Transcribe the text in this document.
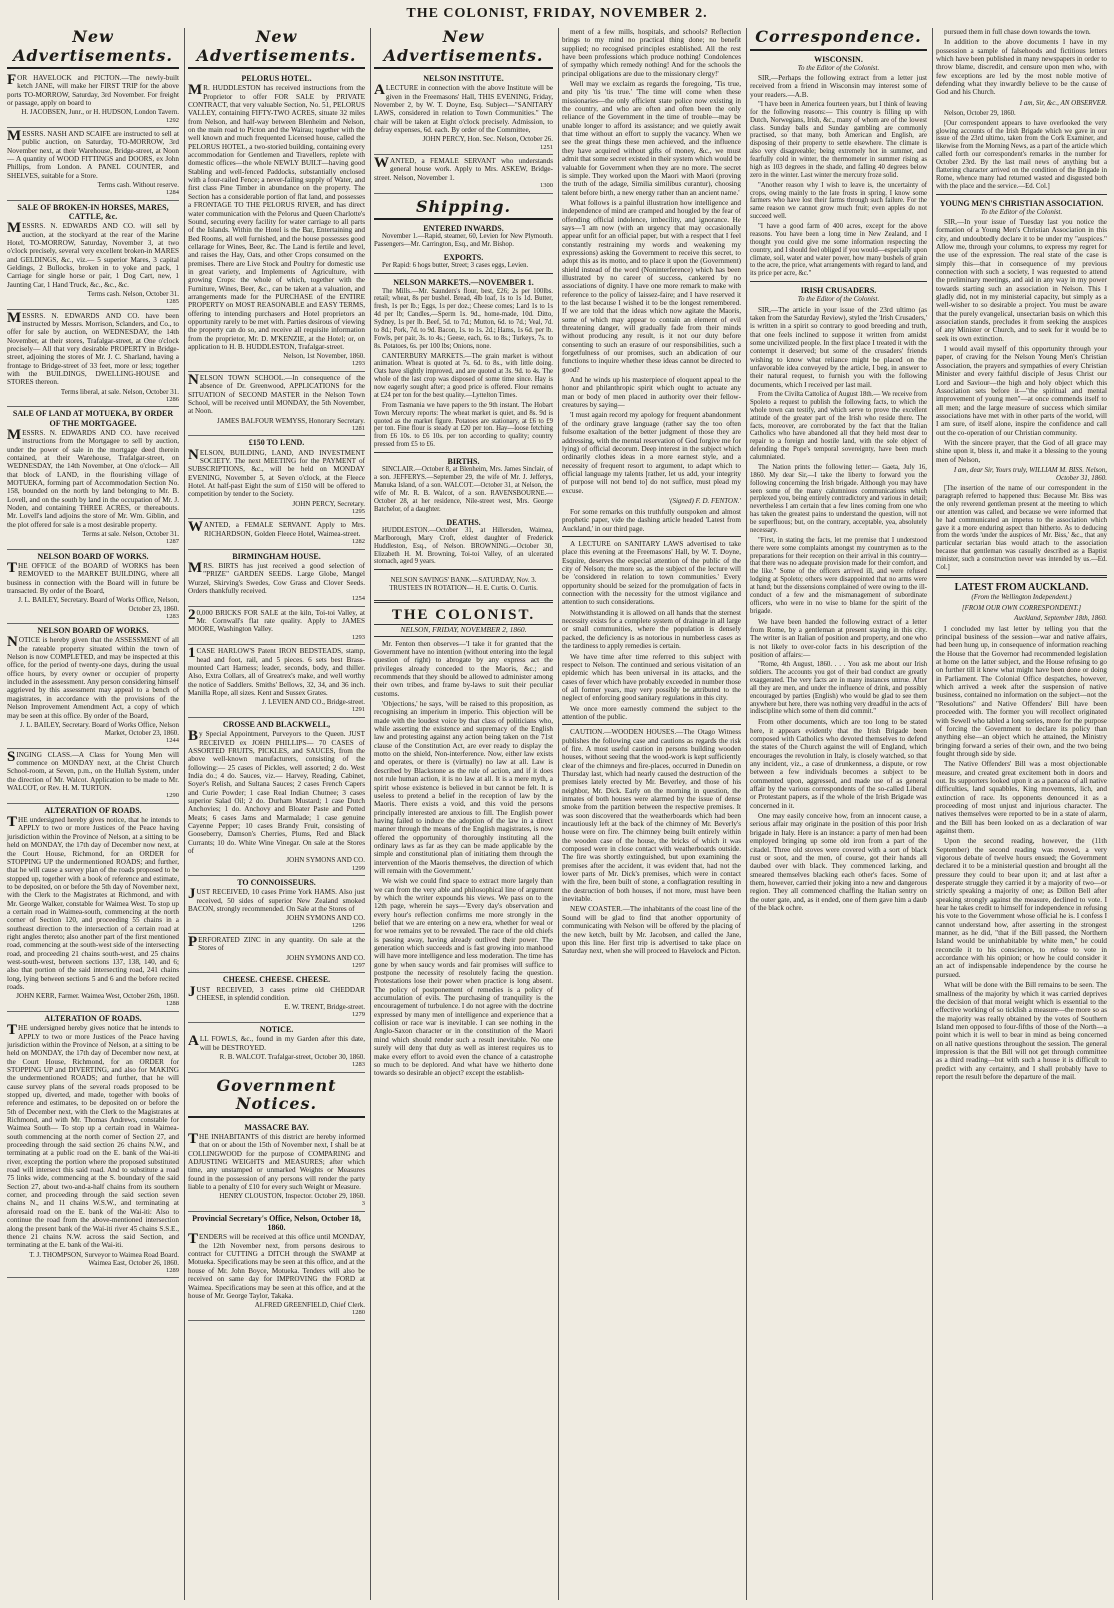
THE COLONIST, FRIDAY, NOVEMBER 2.
New Advertisements.

FOR HAVELOCK and PICTON.—The newly-built ketch JANE, will make her FIRST TRIP for the above ports TO-MORROW, Saturday, 3rd November. For freight or passage, apply on board to

H. JACOBSEN, Junr., or H. HUDSON, London Tavern.
1292

MESSRS. NASH AND SCAIFE are instructed to sell at public auction, on Saturday, TO-MORROW, 3rd November next, at their Warehouse, Bridge-street, at Noon— A quantity of WOOD FITTINGS and DOORS, ex John Phillips, from London. A PANEL COUNTER, and SHELVES, suitable for a Store.

Terms cash. Without reserve.
1284
SALE OF BROKEN-IN HORSES, MARES, CATTLE, &c.

MESSRS. N. EDWARDS AND CO. will sell by auction, at the stockyard at the rear of the Marine Hotel, TO-MORROW, Saturday, November 3, at two o'clock precisely, several very excellent broken-in MARES and GELDINGS, &c., viz.— 5 superior Mares, 3 capital Geldings, 2 Bullocks, broken in to yoke and pack, 1 Carriage for single horse or pair, 1 Dog Cart, new, 1 Jaunting Car, 1 Hand Truck, &c., &c., &c.

Terms cash. Nelson, October 31.
1285

MESSRS. N. EDWARDS AND CO. have been instructed by Messrs. Morrison, Sclanders, and Co., to offer for sale by auction, on WEDNESDAY, the 14th November, at their stores, Trafalgar-street, at One o'clock precisely— All that very desirable PROPERTY in Bridge-street, adjoining the stores of Mr. J. C. Sharland, having a frontage to Bridge-street of 33 feet, more or less; together with the BUILDINGS, DWELLING-HOUSE and STORES thereon.

Terms liberal, at sale. Nelson, October 31.
1286
SALE OF LAND AT MOTUEKA, BY ORDER OF THE MORTGAGEE.

MESSRS. N. EDWARDS AND CO. have received instructions from the Mortgagee to sell by auction, under the power of sale in the mortgage deed therein contained, at their Warehouse, Trafalgar-street, on WEDNESDAY, the 14th November, at One o'clock— All that block of LAND, in the flourishing village of MOTUEKA, forming part of Accommodation Section No. 158, bounded on the north by land belonging to Mr. B. Lovell, and on the south by land in the occupation of Mr. J. Noden, and containing THREE ACRES, or thereabouts. Mr. Lovell's land adjoins the store of Mr. Wm. Giblin, and the plot offered for sale is a most desirable property.

Terms at sale. Nelson, October 31.
1287
NELSON BOARD OF WORKS.

THE OFFICE of the BOARD of WORKS has been REMOVED to the MARKET BUILDING, where all business in connection with the Board will in future be transacted. By order of the Board,

J. L. BAILEY, Secretary. Board of Works Office, Nelson, October 23, 1860.
1283
NELSON BOARD OF WORKS.

NOTICE is hereby given that the ASSESSMENT of all the rateable property situated within the town of Nelson is now COMPLETED, and may be inspected at this office, for the period of twenty-one days, during the usual office hours, by every owner or occupier of property included in the assessment. Any person considering himself aggrieved by this assessment may appeal to a bench of magistrates, in accordance with the provisions of the Nelson Improvement Amendment Act, a copy of which may be seen at this office. By order of the Board,

J. L. BAILEY, Secretary. Board of Works Office, Nelson Market, October 23, 1860.
1244

SINGING CLASS.—A Class for Young Men will commence on MONDAY next, at the Christ Church School-room, at Seven, p.m., on the Hullah System, under the direction of Mr. Walcot. Application to be made to Mr. WALCOT, or Rev. H. M. TURTON.

1290
ALTERATION OF ROADS.

THE undersigned hereby gives notice, that he intends to APPLY to two or more Justices of the Peace having jurisdiction within the Province of Nelson, at a sitting to be held on MONDAY, the 17th day of December now next, at the Court House, Richmond, for an ORDER for STOPPING UP the undermentioned ROADS; and further, that he will cause a survey plan of the roads proposed to be stopped up, together with a book of reference and estimate, to be deposited, on or before the 5th day of November next, with the Clerk to the Magistrates at Richmond, and with Mr. George Walker, constable for Waimea West. To stop up a certain road in Waimea-south, commencing at the north corner of Section 120, and proceeding 55 chains in a southeast direction to the intersection of a certain road at right angles thereto; also another part of the first mentioned road, commencing at the south-west side of the intersecting road, and proceeding 21 chains south-west, and 25 chains west-south-west, between sections 137, 138, 140, and 6; also that portion of the said intersecting road, 241 chains long, lying between sections 5 and 6 and the before recited roads.

JOHN KERR, Farmer. Waimea West, October 26th, 1860.
1288
ALTERATION OF ROADS.

THE undersigned hereby gives notice that he intends to APPLY to two or more Justices of the Peace having jurisdiction within the Province of Nelson, at a sitting to be held on MONDAY, the 17th day of December now next, at the Court House, Richmond, for an ORDER for STOPPING UP and DIVERTING, and also for MAKING the undermentioned ROADS; and further, that he will cause survey plans of the several roads proposed to be stopped up, diverted, and made, together with books of reference and estimates, to be deposited on or before the 5th of December next, with the Clerk to the Magistrates at Richmond, and with Mr. Thomas Andrews, constable for Waimea South— To stop up a certain road in Waimea-south commencing at the north corner of Section 27, and proceeding through the said section 26 chains N.W., and terminating at a public road on the E. bank of the Wai-iti river, excepting the portion where the proposed substituted road will intersect this said road. And to substitute a road 75 links wide, commencing at the S. boundary of the said Section 27, about two-and-a-half chains from its southern corner, and proceeding through the said section seven chains N., and 11 chains W.S.W., and terminating at aforesaid road on the E. bank of the Wai-iti: Also to continue the road from the above-mentioned intersection along the present bank of the Wai-iti river 45 chains S.S.E., thence 21 chains N.W. across the said Section, and terminating at the E. bank of the Wai-iti.

T. J. THOMPSON, Surveyor to Waimea Road Board. Waimea East, October 26, 1860.
1289
New Advertisements.
PELORUS HOTEL.

MR. HUDDLESTON has received instructions from the Proprietor to offer FOR SALE by PRIVATE CONTRACT, that very valuable Section, No. 51, PELORUS VALLEY, containing FIFTY-TWO ACRES, situate 32 miles from Nelson, and half-way between Blenheim and Nelson, on the main road to Picton and the Wairau; together with the well known and much frequented Licensed house, called the PELORUS HOTEL, a two-storied building, containing every accommodation for Gentlemen and Travellers, replete with domestic offices—the whole NEWLY BUILT—having good Stabling and well-fenced Paddocks, substantially enclosed with a four-railed Fence; a never-failing supply of Water, and first class Pine Timber in abundance on the property. The Section has a considerable portion of flat land, and possesses a FRONTAGE TO THE PELORUS RIVER, and has direct water communication with the Pelorus and Queen Charlotte's Sound, securing every facility for water carriage to all parts of the Islands. Within the Hotel is the Bar, Entertaining and Bed Rooms, all well furnished, and the house possesses good cellarage for Wines, Beer, &c. The Land is fertile and level, and raises the Hay, Oats, and other Crops consumed on the premises. There are Live Stock and Poultry for domestic use in great variety, and Implements of Agriculture, with growing Crops: the whole of which, together with the Furniture, Wines, Beer, &c., can be taken at a valuation, and arrangements made for the PURCHASE of the ENTIRE PROPERTY on MOST REASONABLE and EASY TERMS, offering to intending purchasers and Hotel proprietors an opportunity rarely to be met with. Parties desirous of viewing the property can do so, and receive all requisite information from the proprietor, Mr. D. M'KENZIE, at the Hotel; or, on application to H. B. HUDDLESTON, Trafalgar-street.

Nelson, 1st November, 1860.
1293

NELSON TOWN SCHOOL.—In consequence of the absence of Dr. Greenwood, APPLICATIONS for the SITUATION of SECOND MASTER in the Nelson Town School, will be received until MONDAY, the 5th November, at Noon.

JAMES BALFOUR WEMYSS, Honorary Secretary.
1281
£150 TO LEND.

NELSON, BUILDING, LAND, AND INVESTMENT SOCIETY. The next MEETING for the PAYMENT of SUBSCRIPTIONS, &c., will be held on MONDAY EVENING, November 5, at Seven o'clock, at the Fleece Hotel. At half-past Eight the sum of £150 will be offered to competition by tender to the Society.

JOHN PERCY, Secretary.
1295

WANTED, a FEMALE SERVANT. Apply to Mrs. RICHARDSON, Golden Fleece Hotel, Waimea-street.

1282
BIRMINGHAM HOUSE.

MRS. BIRTS has just received a good selection of "PRIZE" GARDEN SEEDS. Large Globe, Mangel Wurzel, Skirving's Swedes, Cow Grass and Clover Seeds. Orders thankfully received.

1254

20,000 BRICKS FOR SALE at the kiln, Toi-toi Valley, at Mr. Cornwall's flat rate quality. Apply to JAMES MOORE, Washington Valley.

1293

1CASE HARLOW'S Patent IRON BEDSTEADS, stamp, head and foot, rail, and 5 pieces. 6 sets best Brass-mounted Cart Harness; leader, seconds, body, and thiller. Also, Extra Collars, all of Greatrex's make, and well worthy the notice of Saddlers. Smiths' Bellows, 32, 34, and 36 inch. Manilla Rope, all sizes. Kent and Sussex Grates.

J. LEVIEN AND CO., Bridge-street.
1291
CROSSE AND BLACKWELL,

By Special Appointment, Purveyors to the Queen. JUST RECEIVED ex JOHN PHILLIPS— 70 CASES of ASSORTED FRUITS, PICKLES, and SAUCES, from the above well-known manufacturers, consisting of the following:— 25 cases of Pickles, well assorted; 2 do. West India do.; 4 do. Sauces, viz.— Harvey, Reading, Cabinet, Soyer's Relish, and Sultana Sauces; 2 cases French Capers and Curie Powder; 1 case Real Indian Chutnee; 3 cases superior Salad Oil; 2 do. Durham Mustard; 1 case Dutch Anchovies; 1 do. Anchovy and Bloater Paste and Potted Meats; 6 cases Jams and Marmalade; 1 case genuine Cayenne Pepper; 10 cases Brandy Fruit, consisting of Gooseberry, Damson's Cherries, Plums, Red and Black Currants; 10 do. White Wine Vinegar. On sale at the Stores of

JOHN SYMONS AND CO.
1299
TO CONNOISSEURS.

JUST RECEIVED, 10 cases Prime York HAMS. Also just received, 50 sides of superior New Zealand smoked BACON, strongly recommended. On Sale at the Stores of

JOHN SYMONS AND CO.
1296

PERFORATED ZINC in any quantity. On sale at the Stores of

JOHN SYMONS AND CO.
1297
CHEESE. CHEESE. CHEESE.

JUST RECEIVED, 3 cases prime old CHEDDAR CHEESE, in splendid condition.

E. W. TRENT, Bridge-street.
1279
NOTICE.

ALL FOWLS, &c., found in my Garden after this date, will be DESTROYED.

R. B. WALCOT. Trafalgar-street, October 30, 1860.
1283
Government Notices.
MASSACRE BAY.

THE INHABITANTS of this district are hereby informed that on or about the 15th of November next, I shall be at COLLINGWOOD for the purpose of COMPARING and ADJUSTING WEIGHTS and MEASURES; after which time, any unstamped or unmarked Weights or Measures found in the possession of any persons will render the party liable to a penalty of £10 for every such Weight or Measure.

HENRY CLOUSTON, Inspector. October 29, 1860.
3
Provincial Secretary's Office, Nelson, October 18, 1860.

TENDERS will be received at this office until MONDAY, the 12th November next, from persons desirous to contract for CUTTING a DITCH through the SWAMP at Motueka. Specifications may be seen at this office, and at the house of Mr. John Boyce, Motueka. Tenders will also be received on same day for IMPROVING the FORD at Waimea. Specifications may be seen at this office, and at the house of Mr. George Taylor, Takaka.

ALFRED GREENFIELD, Chief Clerk.
1280
New Advertisements.
NELSON INSTITUTE.

ALECTURE in connection with the above Institute will be given in the Freemasons' Hall, THIS EVENING, Friday, November 2, by W. T. Doyne, Esq. Subject—"SANITARY LAWS, considered in relation to Town Communities." The chair will be taken at Eight o'clock precisely. Admission, to defray expenses, 6d. each. By order of the Committee,

JOHN PERCY, Hon. Sec. Nelson, October 26.
1251

WANTED, a FEMALE SERVANT who understands general house work. Apply to Mrs. ASKEW, Bridge-street. Nelson, November 1.

1300
Shipping.
ENTERED INWARDS.

November 1.—Rapid, steamer, 60, Levien for New Plymouth. Passengers—Mr. Carrington, Esq., and Mr. Bishop.

EXPORTS.

Per Rapid: 6 hogs butter, Street; 3 cases eggs, Levien.

NELSON MARKETS.—NOVEMBER 1.

The Mills.—Mr. Saunders's flour, best, £26; 2s per 100lbs. retail; wheat, 8s per bushel. Bread, 4lb loaf, 1s to 1s 1d. Butter, fresh, 1s per lb.; Eggs, 1s per doz.; Cheese comes; Lard 1s to 1s 4d per lb; Candles,—Sperm 1s. 9d., home-made, 10d. Ditto, Sydney, 1s per lb. Beef, 5d. to 7d.; Mutton, 6d. to 7d.; Veal, 7d. to 8d.; Pork, 7d. to 9d. Bacon, 1s. to 1s. 2d.; Hams, 1s 6d. per lb. Fowls, per pair, 3s. to 4s.; Geese, each, 6s. to 8s.; Turkeys, 7s. to 8s. Potatoes, 6s. per 100 lbs; Onions, none.

CANTERBURY MARKETS.—The grain market is without animation. Wheat is quoted at 7s. 6d. to 8s., with little doing. Oats have slightly improved, and are quoted at 3s. 9d. to 4s. The whole of the last crop was disposed of some time since. Hay is now eagerly sought after; a good price is offered. Flour remains at £24 per ton for the best quality.—Lyttelton Times.

From Tasmania we have papers to the 9th instant. The Hobart Town Mercury reports: The wheat market is quiet, and 8s. 9d is quoted as the market figure. Potatoes are stationary, at £6 to £9 per ton. Fine flour is steady at £20 per ton. Hay—loose fetching from £6 10s. to £6 10s. per ton according to quality; country pressed from £5 to £6.

BIRTHS.

SINCLAIR.—October 8, at Blenheim, Mrs. James Sinclair, of a son. JEFFERYS.—September 29, the wife of Mr. J. Jefferys, Manuka Island, of a son. WALCOT.—October 31, at Nelson, the wife of Mr. R. B. Walcot, of a son. RAVENSBOURNE.—October 28, at her residence, Nile-street west, Mrs. George Batchelor, of a daughter.

DEATHS.

HUDDLESTON.—October 31, at Hillersden, Waimea, Marlborough, Mary Croft, eldest daughter of Frederick Huddleston, Esq., of Nelson. BROWNING.—October 30, Elizabeth H. M. Browning, Toi-toi Valley, of an ulcerated stomach, aged 9 years.

NELSON SAVINGS' BANK.—SATURDAY, Nov. 3. TRUSTEES IN ROTATION— H. E. Curtis. O. Curtis.

THE COLONIST.
NELSON, FRIDAY, NOVEMBER 2, 1860.

Mr. Fenton then observes—'I take it for granted that the Government have no intention (without entering into the legal question of right) to abrogate by any express act the privileges already conceded to the Maoris, &c.; and recommends that they should be allowed to administer among their own tribes, and frame by-laws to suit their peculiar customs.

'Objections,' he says, 'will be raised to this proposition, as recognising an imperium in imperio. This objection will be made with the loudest voice by that class of politicians who, while asserting the existence and supremacy of the English law and protesting against any action being taken on the 71st clause of the Constitution Act, are ever ready to display the motto on the shield, Non-interference. Now, either law exists and operates, or there is (virtually) no law at all. Law is described by Blackstone as the rule of action, and if it does not rule human action, it is no law at all. It is a mere myth, a spirit whose existence is believed in but cannot be felt. It is useless to pretend a belief in the reception of law by the Maoris. There exists a void, and this void the persons principally interested are anxious to fill. The English power having failed to induce the adoption of the law in a direct manner through the means of the English magistrates, is now offered the opportunity of thoroughly instituting all the ordinary laws as far as they can be made applicable by the simple and constitutional plan of initiating them through the intervention of the Maoris themselves, the direction of which will remain with the Government.'

We wish we could find space to extract more largely than we can from the very able and philosophical line of argument by which the writer expounds his views. We pass on to the 12th page, wherein he says—'Every day's observation and every hour's reflection confirms me more strongly in the belief that we are entering on a new era, whether for weal or for woe remains yet to be revealed. The race of the old chiefs is passing away, having already outlived their power. The generation which succeeds and is fast growing into manhood will have more intelligence and less moderation. The time has gone by when saucy words and fair promises will suffice to postpone the necessity of resolutely facing the question. Protestations lose their power when practice is long absent. The policy of postponement of remedies is a policy of accumulation of evils. The purchasing of tranquility is the encouragement of turbulence. I do not agree with the doctrine expressed by many men of intelligence and experience that a collision or race war is inevitable. I can see nothing in the Anglo-Saxon character or in the constitution of the Maori mind which should render such a result inevitable. No one surely will deny that duty as well as interest requires us to make every effort to avoid even the chance of a catastrophe so much to be deplored. And what have we hitherto done towards so desirable an object? except the establish-

ment of a few mills, hospitals, and schools? Reflection brings to my mind no practical thing done; no benefit supplied; no recognised principles established. All the rest have been professions which produce nothing! Condolences of sympathy which remedy nothing! And for the schools the principal obligations are due to the missionary clergy!'

Well may we exclaim as regards the foregoing, 'Tis true, and pity 'tis 'tis true.' 'The time will come when these missionaries—the only efficient state police now existing in the country, and who are often and often been the only reliance of the Government in the time of trouble—may be unable longer to afford its assistance; and we quietly await that time without an effort to supply the vacancy. When we see the great things these men achieved, and the influence they have acquired without gifts of money, &c., we must admit that some secret existed in their system which would be valuable for Government when they are no more. The secret is simple. They worked upon the Maori with Maori (proving the truth of the adage, Similia similibus curantur), choosing talent before birth, a new energy rather than an ancient name.'

What follows is a painful illustration how intelligence and independence of mind are cramped and hougled by the fear of offending official indolence, imbecility, and ignorance. He says—'I am now (with an urgency that may occasionally appear unfit for an official paper, but with a respect that I feel constantly restraining my words and weakening my expressions) asking the Government to receive this secret, to adopt this as its motto, and to place it upon the (Government) shield instead of the word (Noninterference) which has been illustrated by no career of success, cankered by no associations of dignity. I have one more remark to make with reference to the policy of laissez-faire; and I have reserved it to the last because I wished it to be the longest remembered. If we are told that the ideas which now agitate the Maoris, some of which may appear to contain an element of evil threatening danger, will gradually fade from their minds without producing any result, is it not our duty before consenting to such an erasure of our responsibilities, such a forgetfulness of our promises, such an abdication of our functions to inquire whether these ideas cannot be directed to good?

And he winds up his masterpiece of eloquent appeal to the honor and philanthropic spirit which ought to actuate any man or body of men placed in authority over their fellow-creatures by saying—

'I must again record my apology for frequent abandonment of the ordinary grave language (rather say the too often fulsome exaltation of the better judgment of those they are addressing, with the mental reservation of God forgive me for lying) of official decorum. Deep interest in the subject which ordinarily clothes ideas in a more earnest style, and a necessity of frequent resort to argument, to adapt which to official language my talents [rather, let us add, your integrity of purpose will not bend to] do not suffice, must plead my excuse.

'(Signed) F. D. FENTON.'

For some remarks on this truthfully outspoken and almost prophetic paper, vide the dashing article headed 'Latest from Auckland,' in our third page.

A LECTURE on SANITARY LAWS advertised to take place this evening at the Freemasons' Hall, by W. T. Doyne, Esquire, deserves the especial attention of the public of the city of Nelson; the more so, as the subject of the lecture will be 'considered in relation to town communities.' Every opportunity should be seized for the promulgation of facts in connection with the necessity for the utmost vigilance and attention to such considerations.

Notwithstanding it is allowed on all hands that the sternest necessity exists for a complete system of drainage in all large or small communities, where the population is densely packed, the deficiency is as notorious in numberless cases as the tardiness to apply remedies is certain.

We have time after time referred to this subject with respect to Nelson. The continued and serious visitation of an epidemic which has been universal in its attacks, and the cases of fever which have probably exceeded in number those of all former years, may very possibly be attributed to the neglect of enforcing good sanitary regulations in this city.

We once more earnestly commend the subject to the attention of the public.

CAUTION.—WOODEN HOUSES.—The Otago Witness publishes the following case and cautions as regards the risk of fire. A most useful caution in persons building wooden houses, without seeing that the wood-work is kept sufficiently clear of the chimneys and fire-places, occurred in Dunedin on Thursday last, which had nearly caused the destruction of the premises lately erected by Mr. Beverley, and those of his neighbor, Mr. Dick. Early on the morning in question, the inmates of both houses were alarmed by the issue of dense smoke from the partition between the respective premises. It was soon discovered that the weatherboards which had been incautiously left at the back of the chimney of Mr. Beverly's house were on fire. The chimney being built entirely within the wooden case of the house, the bricks of which it was composed were in close contact with weatherboards outside. The fire was shortly extinguished, but upon examining the premises after the accident, it was evident that, had not the lower parts of Mr. Dick's premises, which were in contact with the fire, been built of stone, a conflagration resulting in the destruction of both houses, if not more, must have been inevitable.

NEW COASTER.—The inhabitants of the coast line of the Sound will be glad to find that another opportunity of communicating with Nelson will be offered by the placing of the new ketch, built by Mr. Jacobsen, and called the Jane, upon this line. Her first trip is advertised to take place on Saturday next, when she will proceed to Havelock and Picton.

Correspondence.
WISCONSIN.
To the Editor of the Colonist.

SIR,—Perhaps the following extract from a letter just received from a friend in Wisconsin may interest some of your readers.—A.B.

"I have been in America fourteen years, but I think of leaving for the following reasons:— This country is filling up with Dutch, Norwegians, Irish, &c., many of whom are of the lowest class. Sunday balls and Sunday gambling are commonly practised, so that many, both American and English, are disposing of their property to settle elsewhere. The climate is also very disagreeable; being extremely hot in summer, and fearfully cold in winter, the thermometer in summer rising as high as 103 degrees in the shade, and falling 40 degrees below zero in the winter. Last winter the mercury froze solid.

"Another reason why I wish to leave is, the uncertainty of crops, owing mainly to the late frosts in spring. I know some farmers who have lost their farms through such failure. For the same reason we cannot grow much fruit; even apples do not succeed well.

"I have a good farm of 400 acres, except for the above reasons. You have been a long time in New Zealand, and I thought you could give me some information respecting the country, and I should feel obliged if you would—especially upon climate, soil, water and water power, how many bushels of grain to the acre, the price, what arrangements with regard to land, and its price per acre, &c."

IRISH CRUSADERS.
To the Editor of the Colonist.

SIR,—The article in your issue of the 23rd ultimo (as taken from the Saturday Review), styled the 'Irish Crusaders,' is written in a spirit so contrary to good breeding and truth, that one feels inclined to suppose it written from amidst some uncivilized people. In the first place I treated it with the contempt it deserved; but some of the crusaders' friends wishing to know what reliance might be placed on the unfavorable idea conveyed by the article, I beg, in answer to their natural request, to furnish you with the following documents, which I received per last mail.

From the Civilta Cattolica of August 18th.— We receive from Spoleto a request to publish the following facts, to which the whole town can testify, and which serve to prove the excellent attitude of the greater part of the Irish who reside there. The facts, moreover, are corroborated by the fact that the Italian Catholics who have abandoned all that they held most dear to repair to a foreign and hostile land, with the sole object of defending the Pope's temporal sovereignty, have been much calumniated.

The Nation prints the following letter:— Gaeta, July 16, 1860. My dear Sir,—I take the liberty to forward you the following concerning the Irish brigade. Although you may have seen some of the many calumnious communications which perplexed you, being entirely contradictory and various in detail; nevertheless I am certain that a few lines coming from one who has taken the greatest pains to understand the question, will not be superfluous; but, on the contrary, acceptable, yea, absolutely necessary.

"First, in stating the facts, let me premise that I understood there were some complaints amongst my countrymen as to the preparations for their reception on their arrival in this country—that there was no adequate provision made for their comfort, and the like." Some of the officers arrived ill, and were refused lodging at Spoleto; others were disappointed that no arms were at hand; but the dissensions complained of were owing to the ill-conduct of a few and the mismanagement of subordinate officers, who were in no wise to blame for the spirit of the brigade.

We have been handed the following extract of a letter from Rome, by a gentleman at present staying in this city. The writer is an Italian of position and property, and one who is not likely to over-color facts in his description of the position of affairs:—

"Rome, 4th August, 1860. . . . You ask me about our Irish soldiers. The accounts you got of their bad conduct are greatly exaggerated. The very facts are in many instances untrue. After all they are men, and under the influence of drink, and possibly encouraged by parties (English) who would be glad to see them anywhere but here, there was nothing very dreadful in the acts of indiscipline which some of them did commit."

From other documents, which are too long to be stated here, it appears evidently that the Irish Brigade been composed with Catholics who devoted themselves to defend the states of the Church against the will of England, which encourages the revolution in Italy, is closely watched, so that any incident, viz., a case of drunkenness, a dispute, or row between a few individuals becomes a subject to be commented upon, aggressed, and made use of as general affair by the various correspondents of the so-called Liberal or Protestant papers, as if the whole of the Irish Brigade was concerned in it.

One may easily conceive how, from an innocent cause, a serious affair may originate in the position of this poor Irish brigade in Italy. Here is an instance: a party of men had been employed bringing up some old iron from a part of the citadel. Three old stoves were covered with a sort of black rust or soot, and the men, of course, got their hands all daubed over with black. They commenced larking, and smeared themselves blacking each other's faces. Some of them, however, carried their joking into a new and dangerous region. They all commenced chaffing the Italian sentry on the outer gate, and, as it ended, one of them gave him a daub of the black ochre.

pursued them in full chase down towards the town.

In addition to the above documents I have in my possession a sample of falsehoods and fictitious letters which have been published in many newspapers in order to throw blame, discredit, and censure upon men who, with few exceptions are led by the most noble motive of defending what they inwardly believe to be the cause of God and his Church.

I am, Sir, &c., AN OBSERVER.

Nelson, October 29, 1860.

[Our correspondent appears to have overlooked the very glowing accounts of the Irish Brigade which we gave in our issue of the 23rd ultimo, taken from the Cork Examiner, and likewise from the Morning News, as a part of the article which called forth our correspondent's remarks in the number for October 23rd. By the last mail news of anything but a flattering character arrived on the condition of the Brigade in Rome, whence many had returned wasted and disgusted both with the place and the service.—Ed. Col.]

YOUNG MEN'S CHRISTIAN ASSOCIATION.
To the Editor of the Colonist.

SIR,—In your issue of Tuesday last you notice the formation of a Young Men's Christian Association in this city, and undoubtedly declare it to be under my "auspices." Allow me, through your columns, to express my regret for the use of the expression. The real state of the case is simply this—that in consequence of my previous connection with such a society, I was requested to attend the preliminary meetings, and aid in any way in my power towards starting such an association in Nelson. This I gladly did, not in my ministerial capacity, but simply as a well-wisher to so desirable a project. You must be aware that the purely evangelical, unsectarian basis on which this association stands, precludes it from seeking the auspices of any Minister or Church, and to seek for it would be to seek its own extinction.

I would avail myself of this opportunity through your paper, of craving for the Nelson Young Men's Christian Association, the prayers and sympathies of every Christian Minister and every faithful disciple of Jesus Christ our Lord and Saviour—the high and holy object which this Association sets before it—"the spiritual and mental improvement of young men"—at once commends itself to all men; and the large measure of success which similar associations have met with in other parts of the world, will I am sure, of itself alone, inspire the confidence and call out the co-operation of our Christian community.

With the sincere prayer, that the God of all grace may shine upon it, bless it, and make it a blessing to the young men of Nelson,

I am, dear Sir, Yours truly, WILLIAM M. BISS. Nelson, October 31, 1860.

[The insertion of the name of our correspondent in the paragraph referred to happened thus: Because Mr. Biss was the only reverend gentleman present at the meeting to which our attention was called, and because we were informed that he had communicated an impetus to the association which gave it a more enduring aspect than hitherto. As to deducing from the words 'under the auspices of Mr. Biss,' &c., that any particular sectarian bias would attach to the association because that gentleman was casually described as a Baptist minister, such a construction never was intended by us.—Ed. Col.]

LATEST FROM AUCKLAND.
(From the Wellington Independent.)
[FROM OUR OWN CORRESPONDENT.]
Auckland, September 18th, 1860.

I concluded my last letter by telling you that the principal business of the session—war and native affairs, had been hung up, in consequence of information reaching the House that the Governor had recommended legislation at home on the latter subject, and the House refusing to go on further till it knew what might have been done or doing in Parliament. The Colonial Office despatches, however, which arrived a week after the suspension of native business, contained no information on the subject—not the "Resolutions" and Native Offenders' Bill have been proceeded with. The former you will recollect originated with Sewell who tabled a long series, more for the purpose of forcing the Government to declare its policy than anything else—an object which he attained, the Ministry bringing forward a series of their own, and the two being fought through side by side.

The Native Offenders' Bill was a most objectionable measure, and created great excitement both in doors and out. Its supporters looked upon it as a panacea of all native difficulties, land squabbles, King movements, lich, and extinction of race. Its opponents denounced it as a proceeding of most unjust and injurious character. The natives themselves were reported to be in a state of alarm, and the Bill has been looked on as a declaration of war against them.

Upon the second reading, however, the (11th September) the second reading was moved, a very vigorous debate of twelve hours ensued; the Government declared it to be a ministerial question and brought all the pressure they could to bear upon it; and at last after a desperate struggle they carried it by a majority of two—or strictly speaking a majority of one; as Dillon Bell after speaking strongly against the measure, declined to vote. I hear he takes credit to himself for independence in refusing his vote to the Government whose official he is. I confess I cannot understand how, after asserting in the strongest manner, as he did, "that if the Bill passed, the Northern Island would be uninhabitable by white men," he could reconcile it to his conscience, to refuse to vote in accordance with his opinion; or how he could consider it an act of indispensable independence by the course he pursued.

What will be done with the Bill remains to be seen. The smallness of the majority by which it was carried deprives the decision of that moral weight which is essential to the effective working of so ticklish a measure—the more so as the majority was really obtained by the votes of Southern Island men opposed to four-fifths of those of the North—a point which it is well to bear in mind as being concerned on all native questions throughout the session. The general impression is that the Bill will not get through committee as a third reading—but with such a house it is difficult to predict with any certainty, and I shall probably have to report the result before the departure of the mail.
